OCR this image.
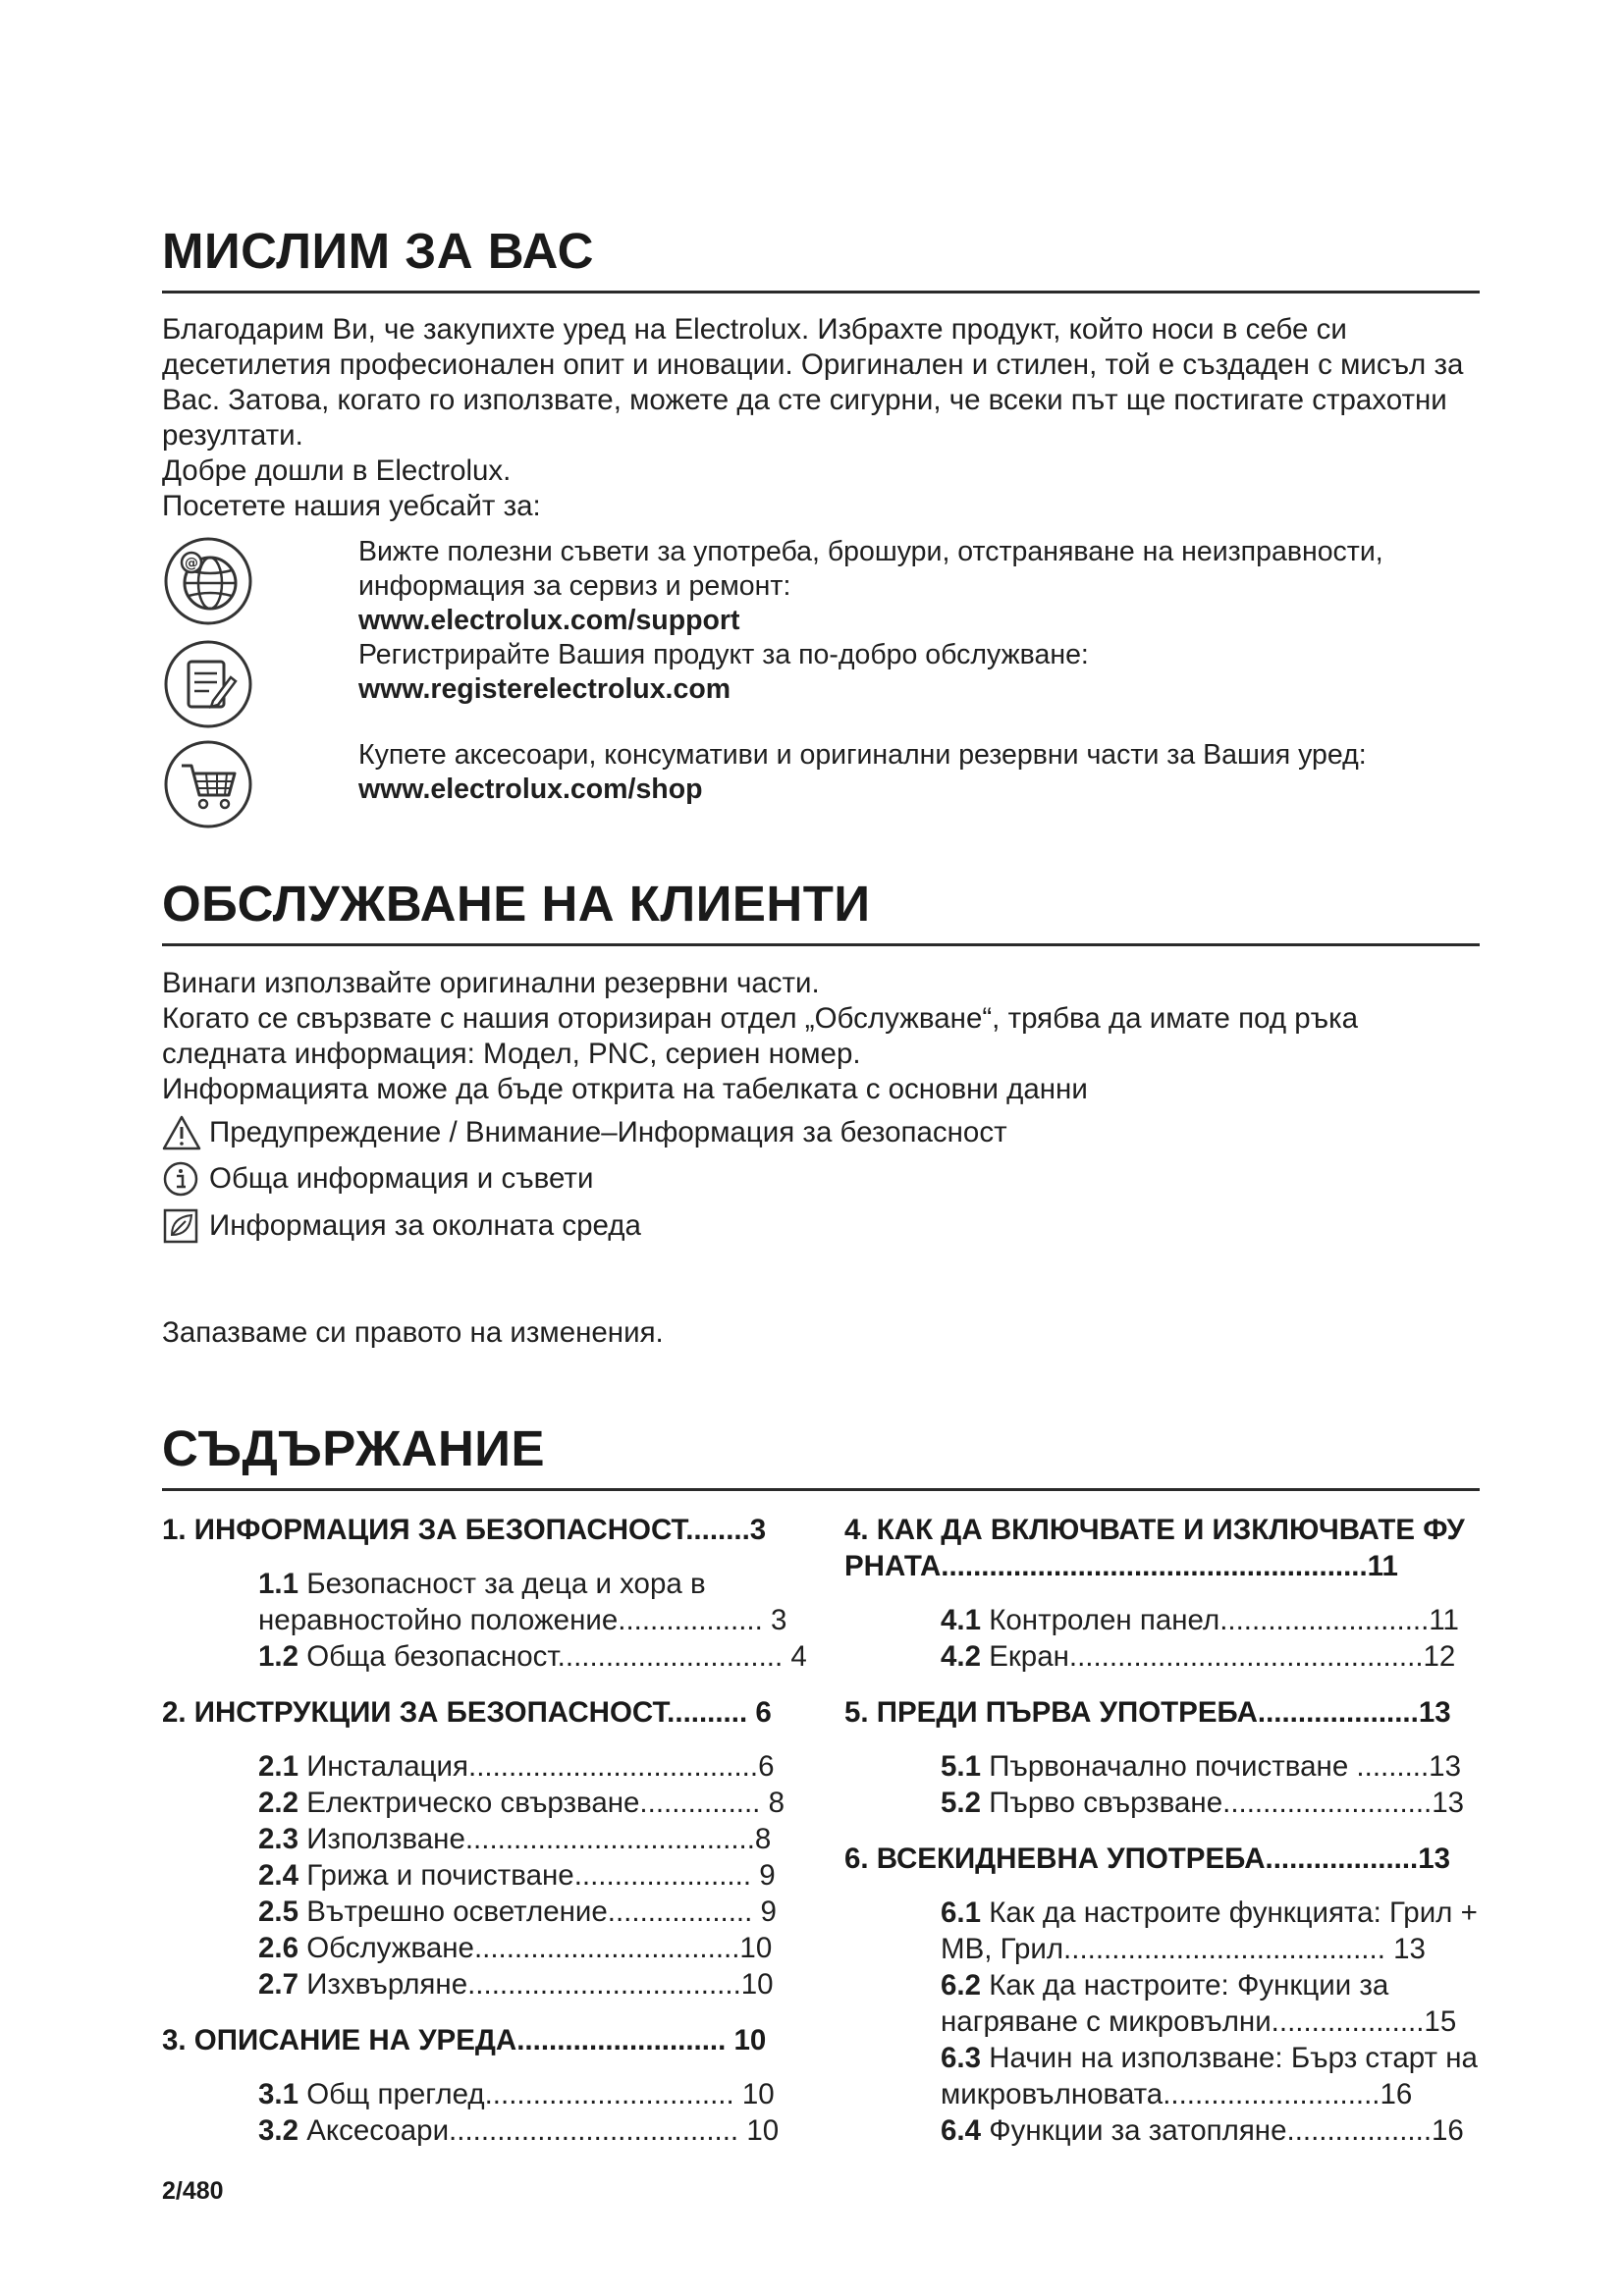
МИСЛИМ ЗА ВАС

Благодарим Ви, че закупихте уред на Electrolux. Избрахте продукт, който носи в себе си десетилетия професионален опит и иновации. Оригинален и стилен, той е създаден с мисъл за Вас. Затова, когато го използвате, можете да сте сигурни, че всеки път ще постигате страхотни резултати.

Добре дошли в Electrolux.

Посетете нашия уебсайт за:

@	Вижте полезни съвети за употреба, брошури, отстраняване на неизправности, информация за сервиз и ремонт:
www.electrolux.com/support
Регистрирайте Вашия продукт за по-добро обслужване:
www.registerelectrolux.com
Купете аксесоари, консумативи и оригинални резервни части за Вашия уред:
www.electrolux.com/shop
ОБСЛУЖВАНЕ НА КЛИЕНТИ

Винаги използвайте оригинални резервни части.

Когато се свързвате с нашия оторизиран отдел „Обслужване“, трябва да имате под ръка следната информация: Модел, PNC, сериен номер.

Информацията може да бъде открита на табелката с основни данни

Предупреждение / Внимание–Информация за безопасност
Обща информация и съвети
Информация за околната среда
Запазваме си правото на изменения.
СЪДЪРЖАНИЕ
1. ИНФОРМАЦИЯ ЗА БЕЗОПАСНОСТ........3
1.1 Безопасност за деца и хора в неравностойно положение.................. 3
1.2 Обща безопасност............................ 4
2. ИНСТРУКЦИИ ЗА БЕЗОПАСНОСТ.......... 6
2.1 Инсталация....................................6
2.2 Електрическо свързване............... 8
2.3 Използване....................................8
2.4 Грижа и почистване...................... 9
2.5 Вътрешно осветление.................. 9
2.6 Обслужване.................................10
2.7 Изхвърляне..................................10
3. ОПИСАНИЕ НА УРЕДА.......................... 10
3.1 Общ преглед............................... 10
3.2 Аксесоари.................................... 10
4. КАК ДА ВКЛЮЧВАТЕ И ИЗКЛЮЧВАТЕ ФУРНАТА.....................................................11
4.1 Контролен панел..........................11
4.2 Екран............................................12
5. ПРЕДИ ПЪРВА УПОТРЕБА....................13
5.1 Първоначално почистване .........13
5.2 Първо свързване..........................13
6. ВСЕКИДНЕВНА УПОТРЕБА...................13
6.1 Как да настроите функцията: Грил + МВ, Грил........................................ 13
6.2 Как да настроите: Функции за нагряване с микровълни...................15
6.3 Начин на използване: Бърз старт на микровълновата...........................16
6.4 Функции за затопляне..................16
2/480
